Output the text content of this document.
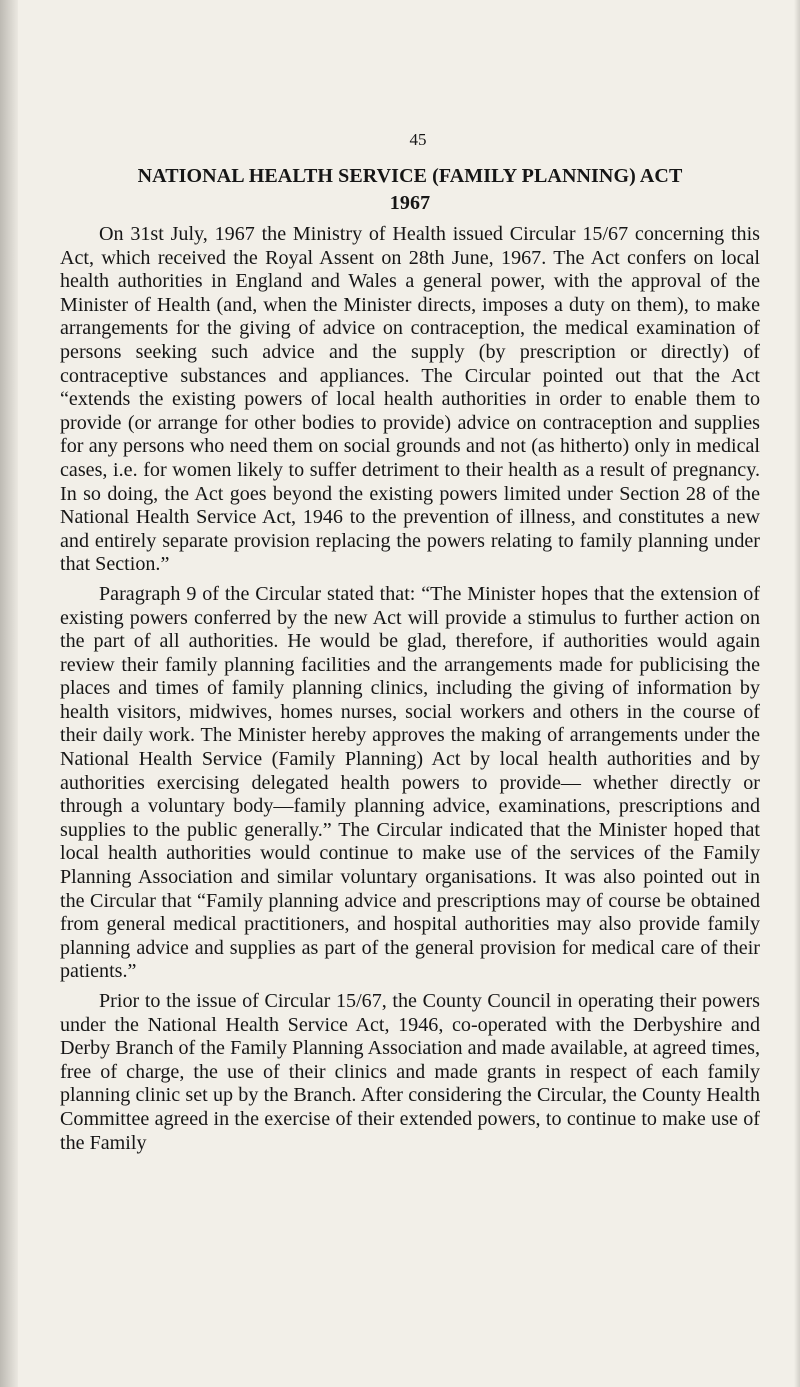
45
NATIONAL HEALTH SERVICE (FAMILY PLANNING) ACT
1967

On 31st July, 1967 the Ministry of Health issued Circular 15/67 concerning this Act, which received the Royal Assent on 28th June, 1967. The Act confers on local health authorities in England and Wales a general power, with the approval of the Minister of Health (and, when the Minister directs, imposes a duty on them), to make arrangements for the giving of advice on contraception, the medical examination of persons seeking such advice and the supply (by prescription or directly) of contraceptive substances and appliances. The Circular pointed out that the Act “extends the existing powers of local health authorities in order to enable them to provide (or arrange for other bodies to provide) advice on contraception and supplies for any persons who need them on social grounds and not (as hitherto) only in medical cases, i.e. for women likely to suffer detriment to their health as a result of pregnancy. In so doing, the Act goes beyond the existing powers limited under Section 28 of the National Health Service Act, 1946 to the prevention of illness, and constitutes a new and entirely separate provision replacing the powers relating to family planning under that Section.”

Paragraph 9 of the Circular stated that: “The Minister hopes that the extension of existing powers conferred by the new Act will provide a stimulus to further action on the part of all authorities. He would be glad, therefore, if authorities would again review their family planning facilities and the arrangements made for publicising the places and times of family planning clinics, including the giving of information by health visitors, midwives, homes nurses, social workers and others in the course of their daily work. The Minister hereby approves the making of arrangements under the National Health Service (Family Planning) Act by local health authorities and by authorities exercising delegated health powers to provide— whether directly or through a voluntary body—family planning advice, examinations, prescriptions and supplies to the public generally.” The Circular indicated that the Minister hoped that local health authorities would continue to make use of the services of the Family Planning Association and similar voluntary organisations. It was also pointed out in the Circular that “Family planning advice and prescriptions may of course be obtained from general medical practitioners, and hospital authorities may also provide family planning advice and supplies as part of the general provision for medical care of their patients.”

Prior to the issue of Circular 15/67, the County Council in operating their powers under the National Health Service Act, 1946, co-operated with the Derbyshire and Derby Branch of the Family Planning Association and made available, at agreed times, free of charge, the use of their clinics and made grants in respect of each family planning clinic set up by the Branch. After considering the Circular, the County Health Committee agreed in the exercise of their extended powers, to continue to make use of the Family
